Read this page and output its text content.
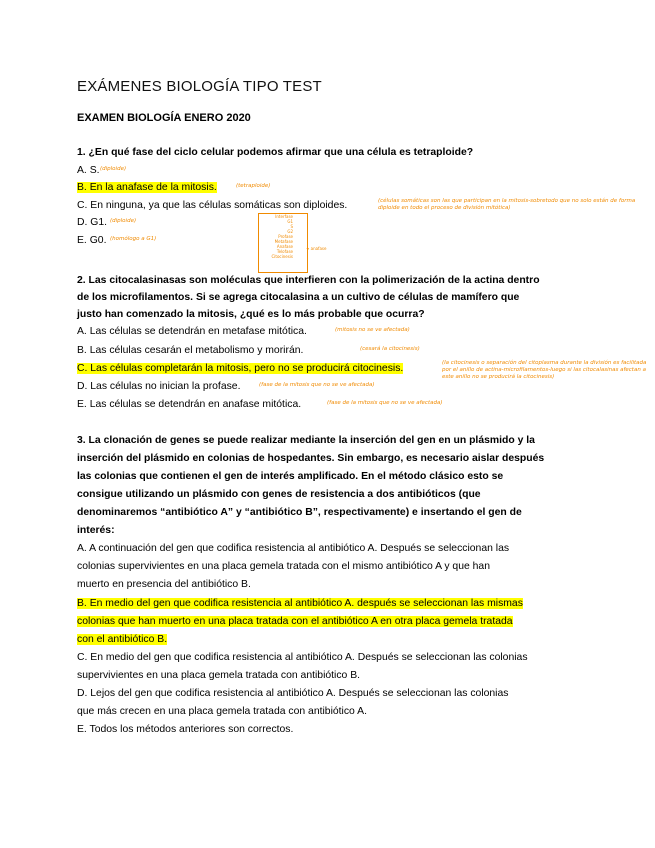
EXÁMENES BIOLOGÍA TIPO TEST
EXAMEN BIOLOGÍA ENERO 2020
1. ¿En qué fase del ciclo celular podemos afirmar que una célula es tetraploide?
A. S. (diploide)
B. En la anafase de la mitosis.	(tetraploide)
C. En ninguna, ya que las células somáticas son diploides.	(células somáticas son las que participan en la mitosis-sobretodo que no solo están de forma diploide en todo el proceso de división mitótica)
D. G1. (diploide)
E. G0. (homólogo a G1)
Interfase
G1
S
G2
Profase
Metafase
Anafase
Telofase
Citocinesis
→ anafase
2. Las citocalasinasas son moléculas que interfieren con la polimerización de la actina dentro
de los microfilamentos. Si se agrega citocalasina a un cultivo de células de mamífero que
justo han comenzado la mitosis, ¿qué es lo más probable que ocurra?
A. Las células se detendrán en metafase mitótica.	(mitosis no se ve afectada)
B. Las células cesarán el metabolismo y morirán.	(cesará la citocinesis)
C. Las células completarán la mitosis, pero no se producirá citocinesis.	(la citocinesis o separación del citoplasma durante la división es facilitada por el anillo de actina-microfilamentos-luego si las citocalasinas afectan a este anillo no se producirá la citocinesis)
D. Las células no inician la profase.	(fase de la mitosis que no se ve afectada)
E. Las células se detendrán en anafase mitótica.	(fase de la mitosis que no se ve afectada)
3. La clonación de genes se puede realizar mediante la inserción del gen en un plásmido y la
inserción del plásmido en colonias de hospedantes. Sin embargo, es necesario aislar después
las colonias que contienen el gen de interés amplificado. En el método clásico esto se
consigue utilizando un plásmido con genes de resistencia a dos antibióticos (que
denominaremos “antibiótico A” y “antibiótico B”, respectivamente) e insertando el gen de
interés:
A. A continuación del gen que codifica resistencia al antibiótico A. Después se seleccionan las
colonias supervivientes en una placa gemela tratada con el mismo antibiótico A y que han
muerto en presencia del antibiótico B.
B. En medio del gen que codifica resistencia al antibiótico A. después se seleccionan las mismas
colonias que han muerto en una placa tratada con el antibiótico A en otra placa gemela tratada
con el antibiótico B.
C. En medio del gen que codifica resistencia al antibiótico A. Después se seleccionan las colonias
supervivientes en una placa gemela tratada con antibiótico B.
D. Lejos del gen que codifica resistencia al antibiótico A. Después se seleccionan las colonias
que más crecen en una placa gemela tratada con antibiótico A.
E. Todos los métodos anteriores son correctos.
